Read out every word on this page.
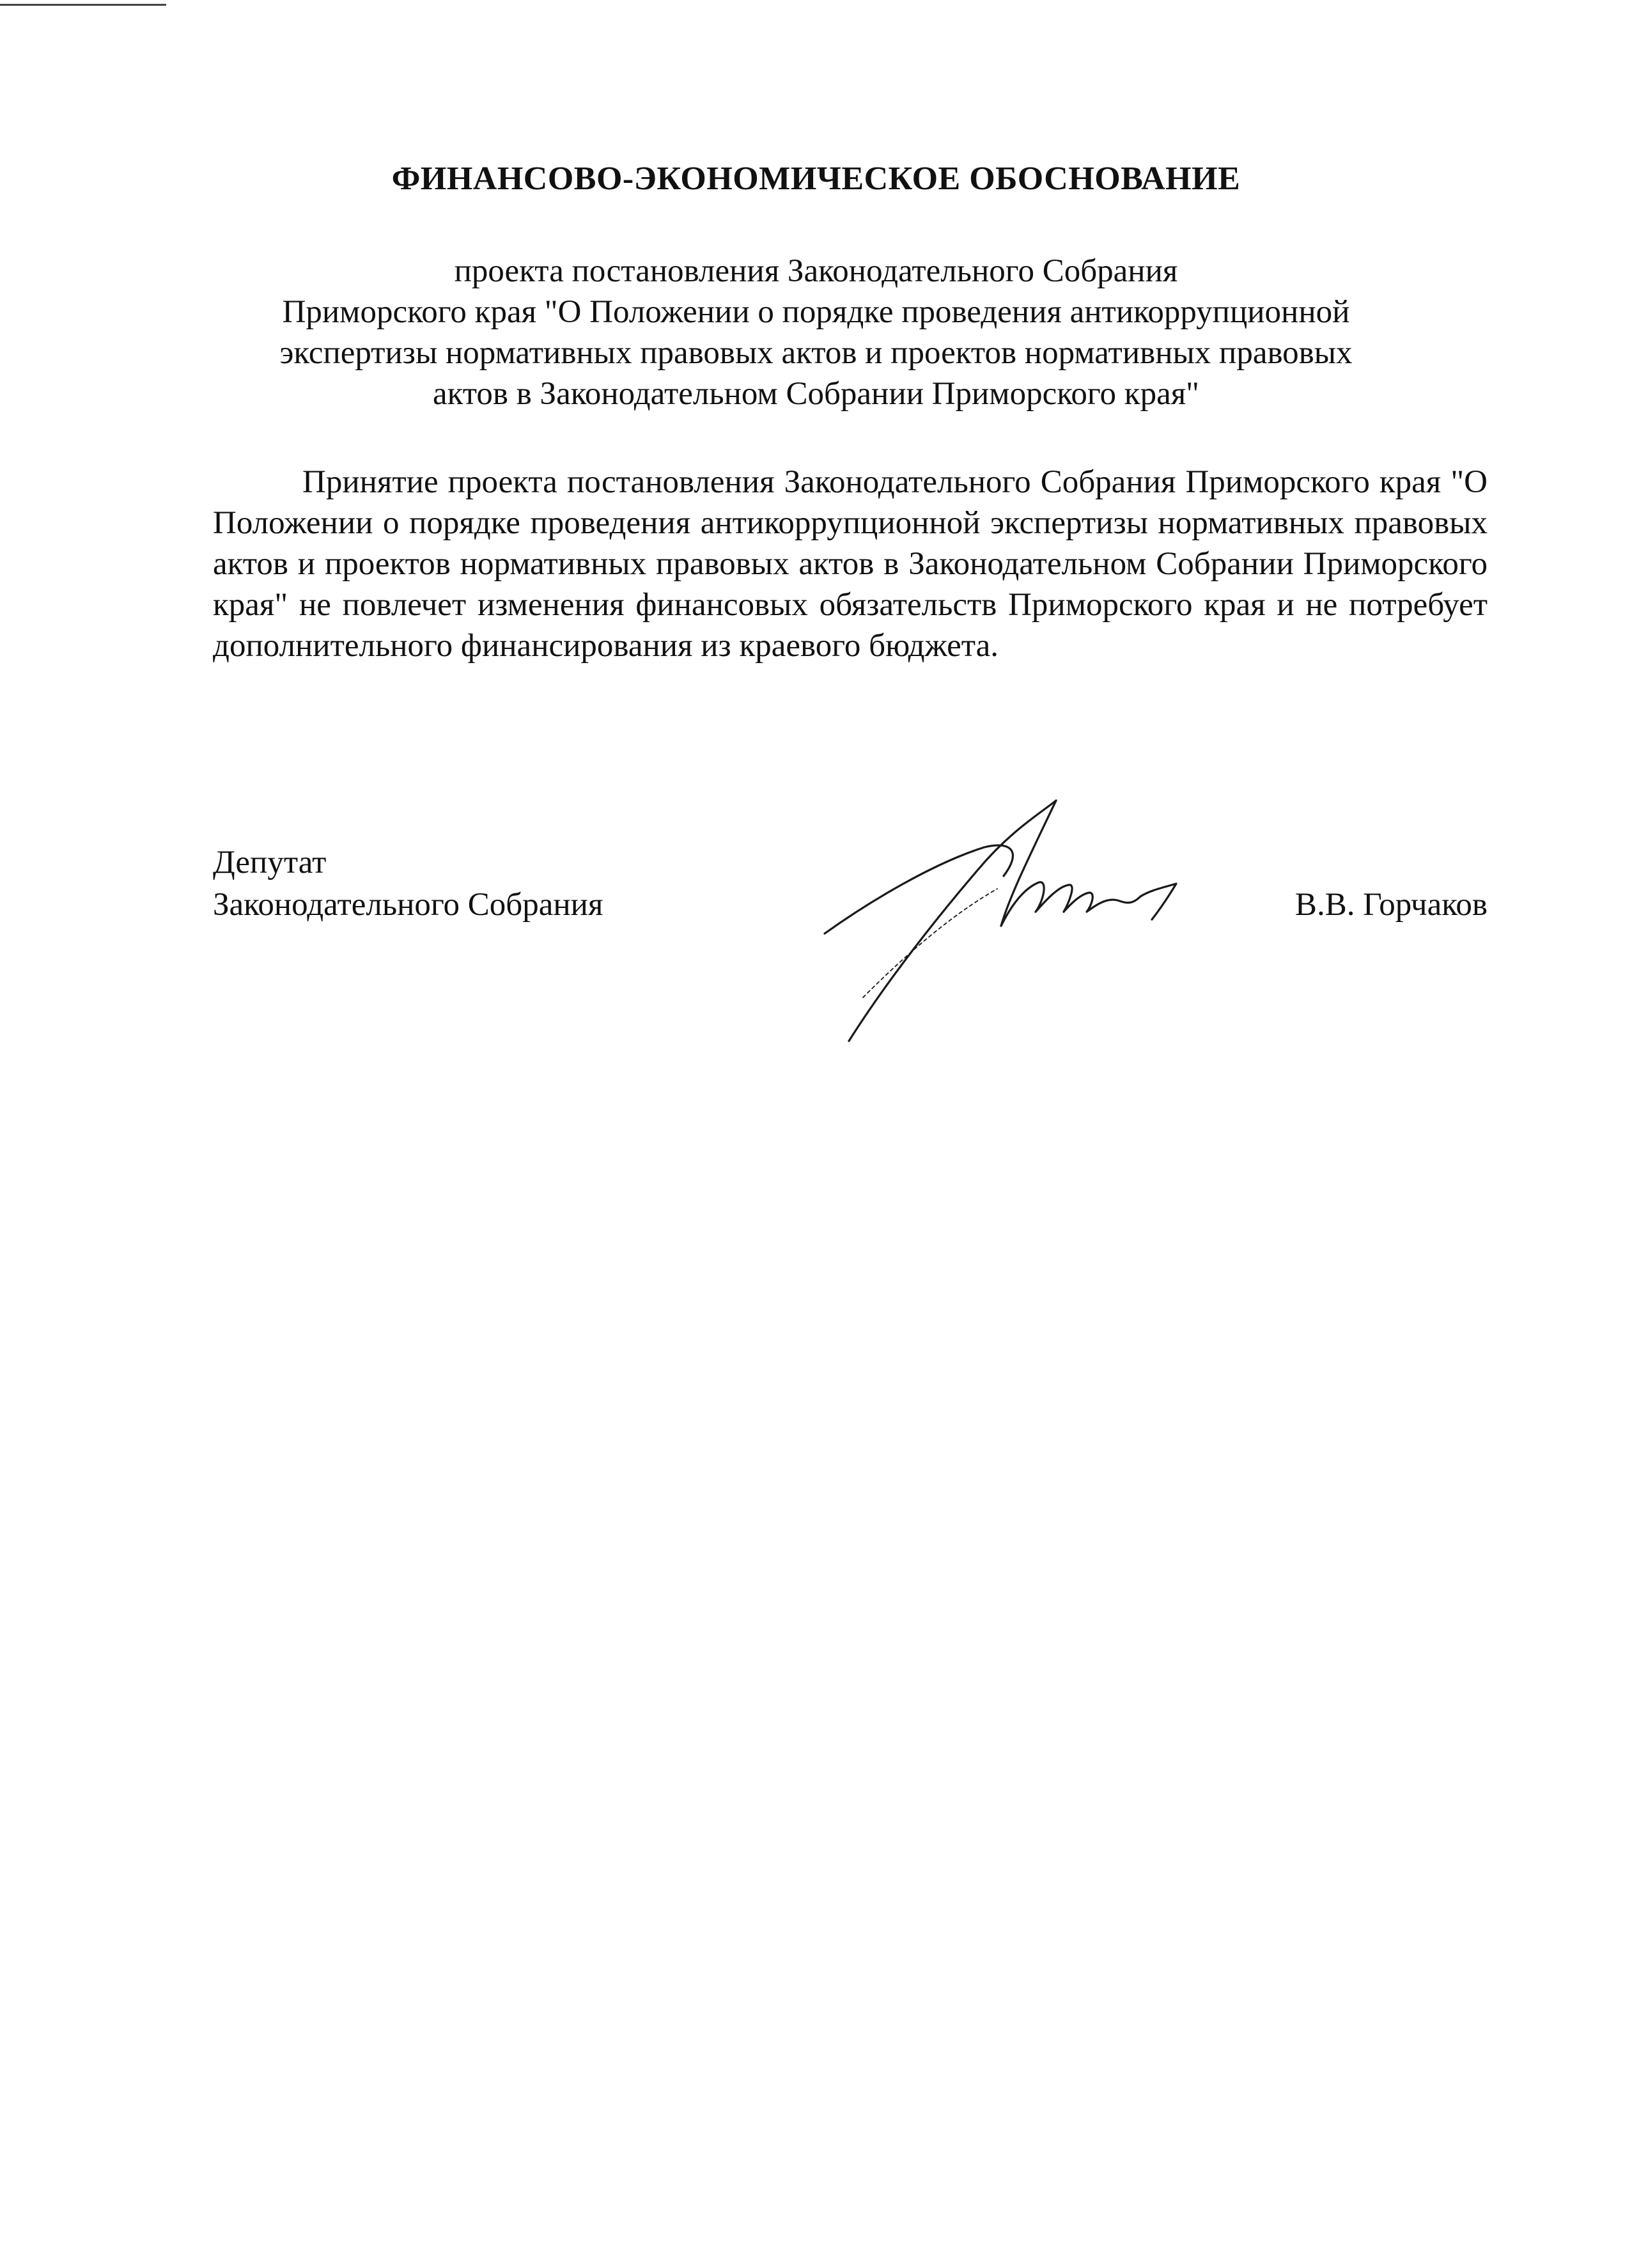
ФИНАНСОВО-ЭКОНОМИЧЕСКОЕ ОБОСНОВАНИЕ
проекта постановления Законодательного Собрания
Приморского края "О Положении о порядке проведения антикоррупционной
экспертизы нормативных правовых актов и проектов нормативных правовых
актов в Законодательном Собрании Приморского края"

Принятие проекта постановления Законодательного Собрания Приморского края "О Положении о порядке проведения антикоррупционной экспертизы нормативных правовых актов и проектов нормативных правовых актов в Законодательном Собрании Приморского края" не повлечет изменения финансовых обязательств Приморского края и не потребует дополнительного финансирования из краевого бюджета.

Депутат
Законодательного Собрания	В.В. Горчаков
